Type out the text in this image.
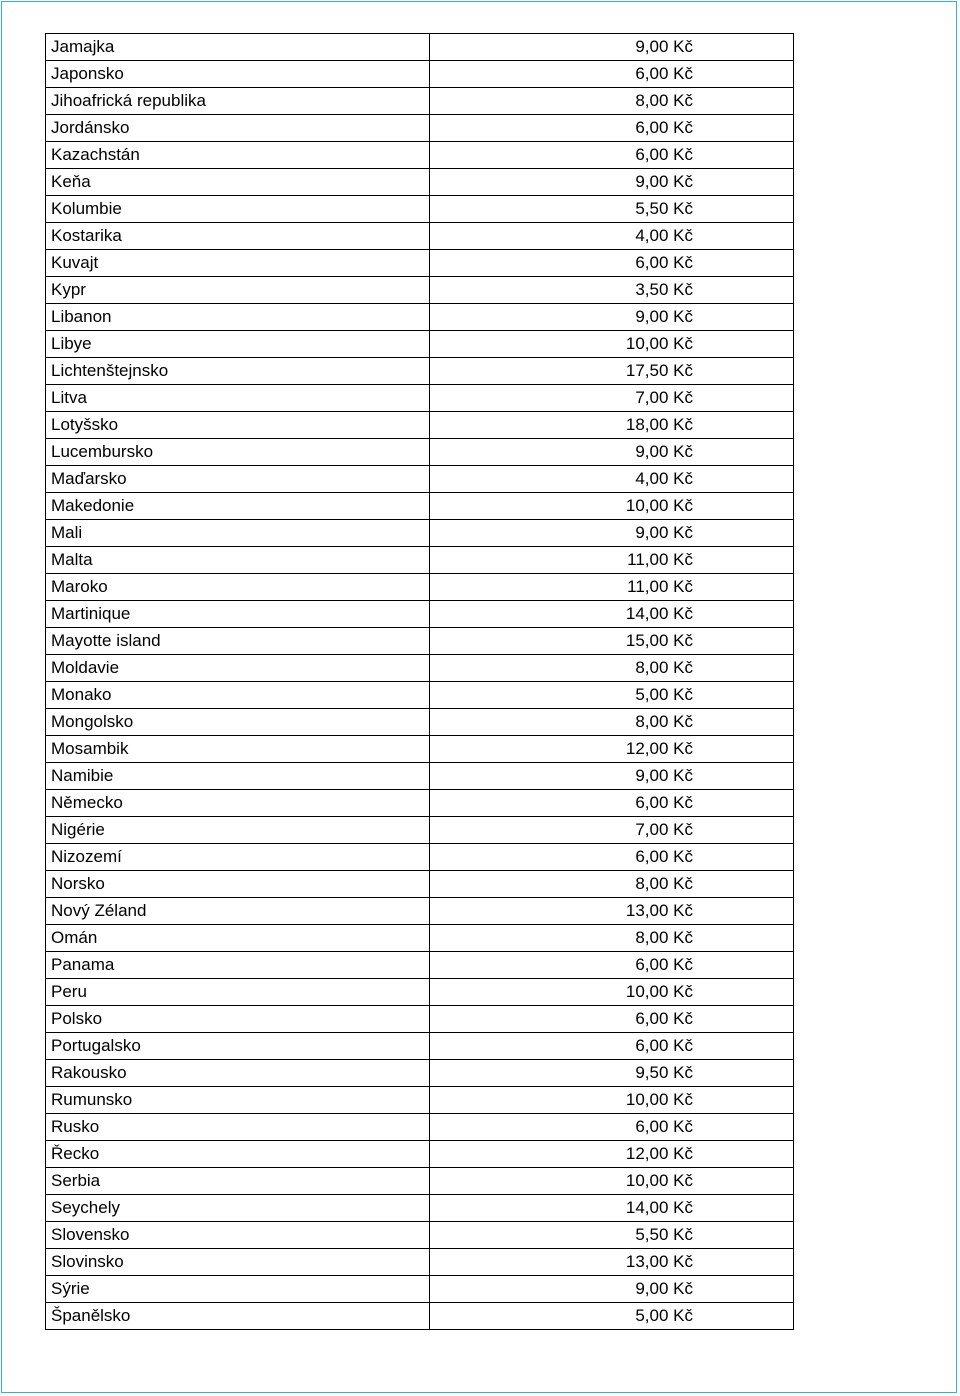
Jamajka	9,00 Kč
Japonsko	6,00 Kč
Jihoafrická republika	8,00 Kč
Jordánsko	6,00 Kč
Kazachstán	6,00 Kč
Keňa	9,00 Kč
Kolumbie	5,50 Kč
Kostarika	4,00 Kč
Kuvajt	6,00 Kč
Kypr	3,50 Kč
Libanon	9,00 Kč
Libye	10,00 Kč
Lichtenštejnsko	17,50 Kč
Litva	7,00 Kč
Lotyšsko	18,00 Kč
Lucembursko	9,00 Kč
Maďarsko	4,00 Kč
Makedonie	10,00 Kč
Mali	9,00 Kč
Malta	11,00 Kč
Maroko	11,00 Kč
Martinique	14,00 Kč
Mayotte island	15,00 Kč
Moldavie	8,00 Kč
Monako	5,00 Kč
Mongolsko	8,00 Kč
Mosambik	12,00 Kč
Namibie	9,00 Kč
Německo	6,00 Kč
Nigérie	7,00 Kč
Nizozemí	6,00 Kč
Norsko	8,00 Kč
Nový Zéland	13,00 Kč
Omán	8,00 Kč
Panama	6,00 Kč
Peru	10,00 Kč
Polsko	6,00 Kč
Portugalsko	6,00 Kč
Rakousko	9,50 Kč
Rumunsko	10,00 Kč
Rusko	6,00 Kč
Řecko	12,00 Kč
Serbia	10,00 Kč
Seychely	14,00 Kč
Slovensko	5,50 Kč
Slovinsko	13,00 Kč
Sýrie	9,00 Kč
Španělsko	5,00 Kč
